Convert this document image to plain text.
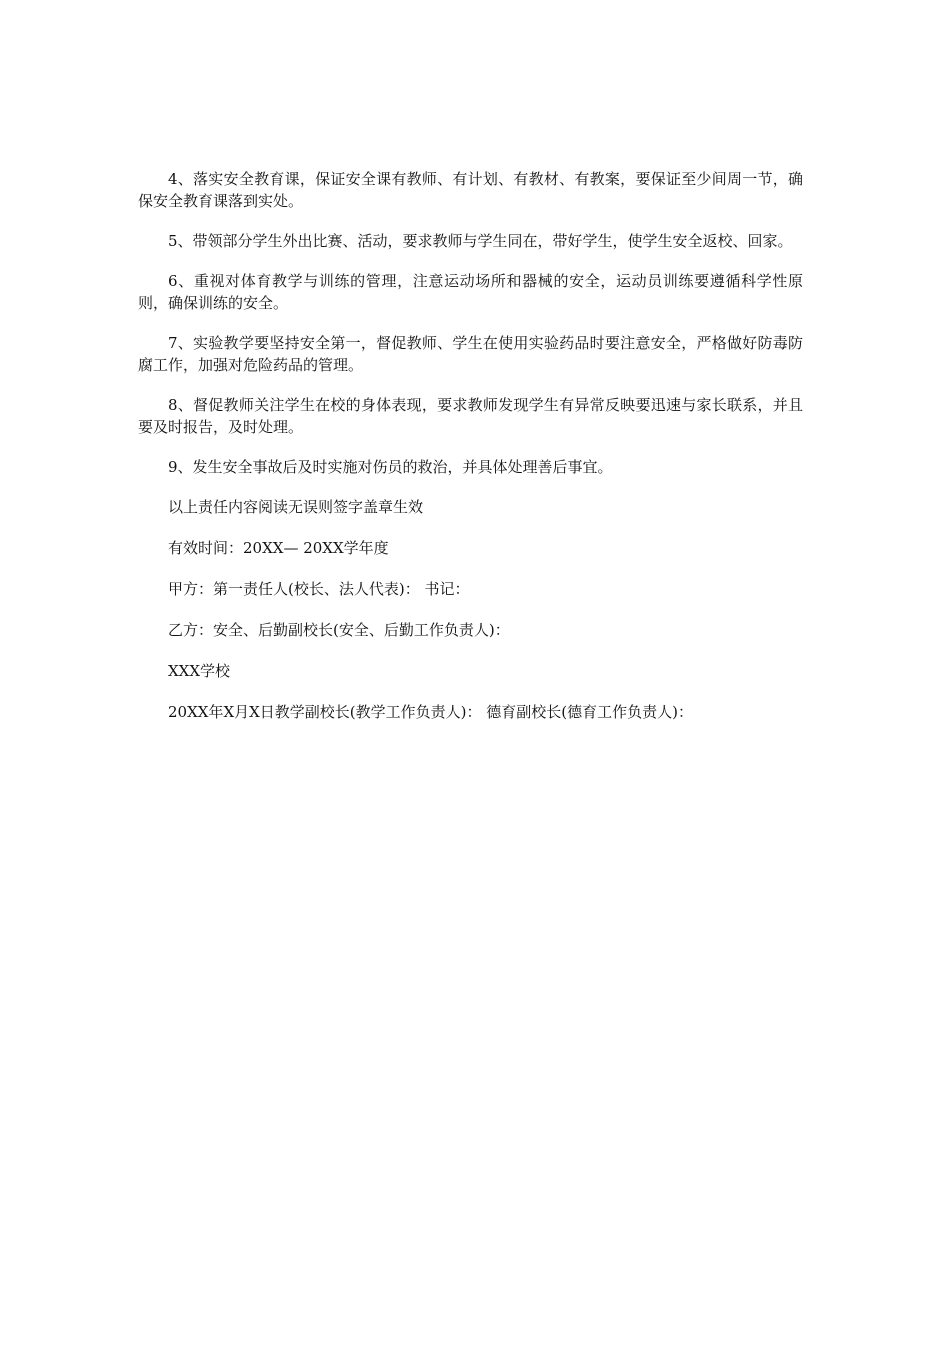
4、落实安全教育课，保证安全课有教师、有计划、有教材、有教案，要保证至少间周一节，确保安全教育课落到实处。

5、带领部分学生外出比赛、活动，要求教师与学生同在，带好学生，使学生安全返校、回家。

6、重视对体育教学与训练的管理，注意运动场所和器械的安全，运动员训练要遵循科学性原则，确保训练的安全。

7、实验教学要坚持安全第一，督促教师、学生在使用实验药品时要注意安全，严格做好防毒防腐工作，加强对危险药品的管理。

8、督促教师关注学生在校的身体表现，要求教师发现学生有异常反映要迅速与家长联系，并且要及时报告，及时处理。

9、发生安全事故后及时实施对伤员的救治，并具体处理善后事宜。

以上责任内容阅读无误则签字盖章生效

有效时间：20XX— 20XX学年度

甲方：第一责任人(校长、法人代表)： 书记：

乙方：安全、后勤副校长(安全、后勤工作负责人)：

XXX学校

20XX年X月X日教学副校长(教学工作负责人)： 德育副校长(德育工作负责人)：
